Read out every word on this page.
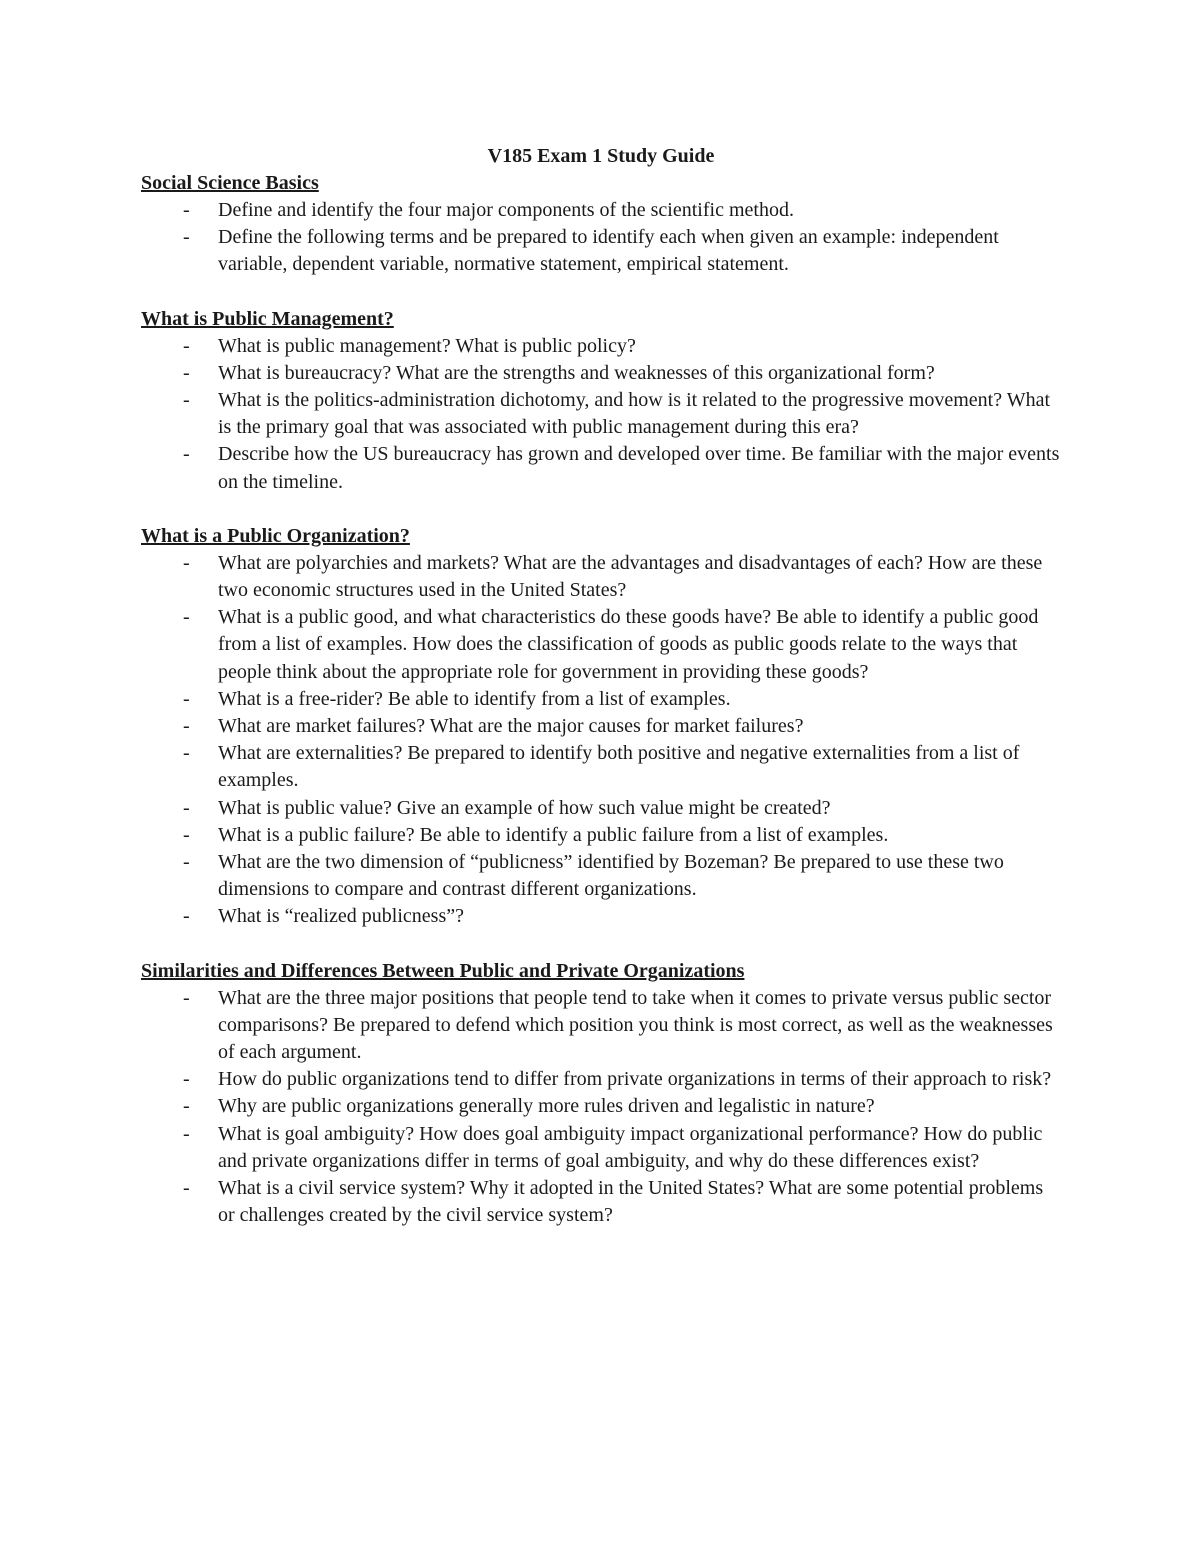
V185 Exam 1 Study Guide
Social Science Basics
- Define and identify the four major components of the scientific method.
- Define the following terms and be prepared to identify each when given an example: independent variable, dependent variable, normative statement, empirical statement.
What is Public Management?
- What is public management? What is public policy?
- What is bureaucracy? What are the strengths and weaknesses of this organizational form?
- What is the politics-administration dichotomy, and how is it related to the progressive movement? What is the primary goal that was associated with public management during this era?
- Describe how the US bureaucracy has grown and developed over time. Be familiar with the major events on the timeline.
What is a Public Organization?
- What are polyarchies and markets? What are the advantages and disadvantages of each? How are these two economic structures used in the United States?
- What is a public good, and what characteristics do these goods have? Be able to identify a public good from a list of examples. How does the classification of goods as public goods relate to the ways that people think about the appropriate role for government in providing these goods?
- What is a free-rider? Be able to identify from a list of examples.
- What are market failures? What are the major causes for market failures?
- What are externalities? Be prepared to identify both positive and negative externalities from a list of examples.
- What is public value? Give an example of how such value might be created?
- What is a public failure? Be able to identify a public failure from a list of examples.
- What are the two dimension of “publicness” identified by Bozeman? Be prepared to use these two dimensions to compare and contrast different organizations.
- What is “realized publicness”?
Similarities and Differences Between Public and Private Organizations
- What are the three major positions that people tend to take when it comes to private versus public sector comparisons? Be prepared to defend which position you think is most correct, as well as the weaknesses of each argument.
- How do public organizations tend to differ from private organizations in terms of their approach to risk?
- Why are public organizations generally more rules driven and legalistic in nature?
- What is goal ambiguity? How does goal ambiguity impact organizational performance? How do public and private organizations differ in terms of goal ambiguity, and why do these differences exist?
- What is a civil service system? Why it adopted in the United States? What are some potential problems or challenges created by the civil service system?
